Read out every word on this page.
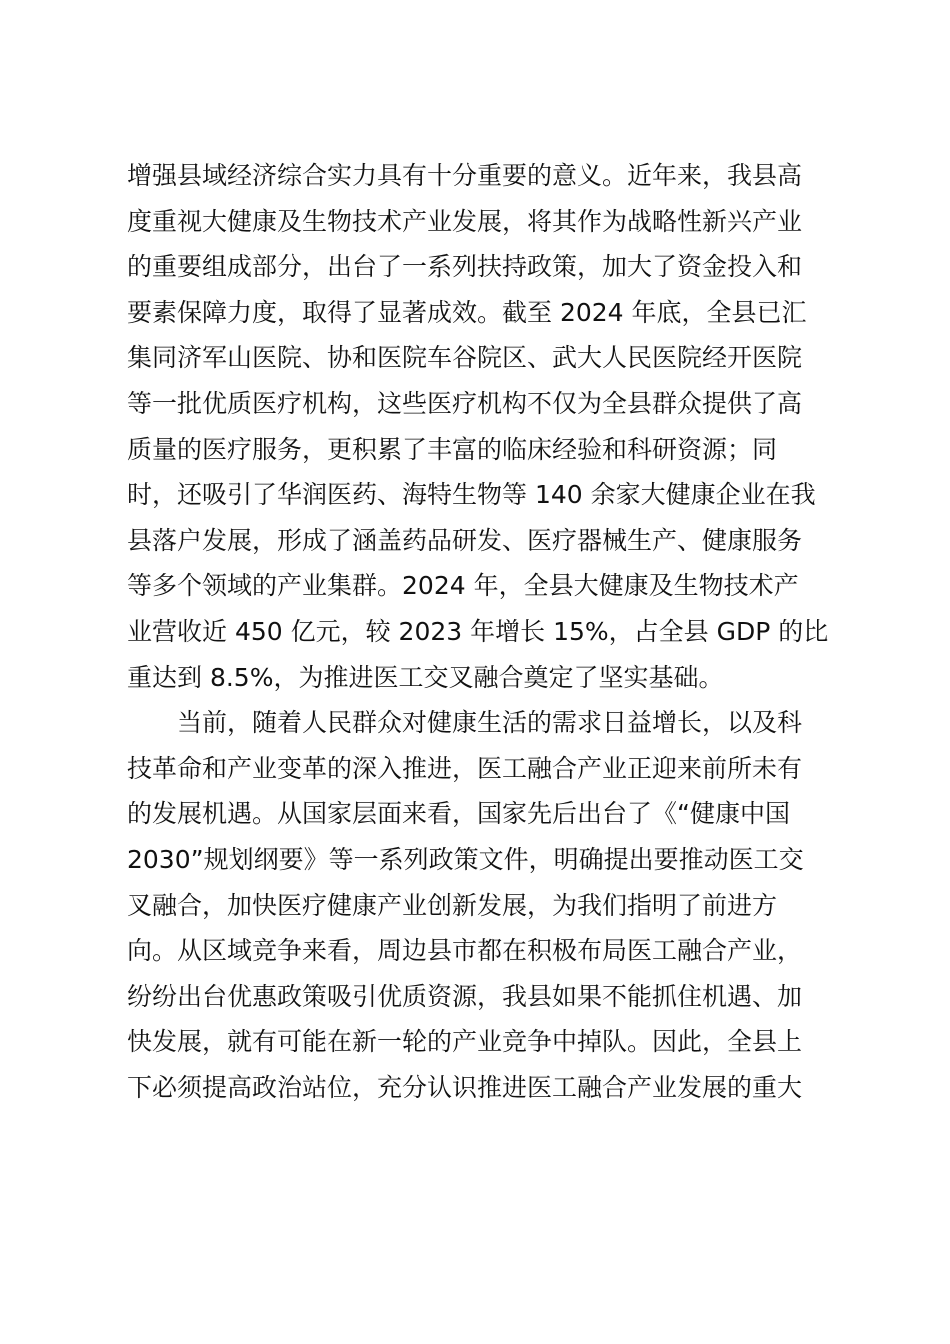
增强县域经济综合实力具有十分重要的意义。近年来，我县高
度重视大健康及生物技术产业发展，将其作为战略性新兴产业
的重要组成部分，出台了一系列扶持政策，加大了资金投入和
要素保障力度，取得了显著成效。截至 2024 年底，全县已汇
集同济军山医院、协和医院车谷院区、武大人民医院经开医院
等一批优质医疗机构，这些医疗机构不仅为全县群众提供了高
质量的医疗服务，更积累了丰富的临床经验和科研资源；同
时，还吸引了华润医药、海特生物等 140 余家大健康企业在我
县落户发展，形成了涵盖药品研发、医疗器械生产、健康服务
等多个领域的产业集群。2024 年，全县大健康及生物技术产
业营收近 450 亿元，较 2023 年增长 15%，占全县 GDP 的比
重达到 8.5%，为推进医工交叉融合奠定了坚实基础。
当前，随着人民群众对健康生活的需求日益增长，以及科
技革命和产业变革的深入推进，医工融合产业正迎来前所未有
的发展机遇。从国家层面来看，国家先后出台了《“健康中国
2030”规划纲要》等一系列政策文件，明确提出要推动医工交
叉融合，加快医疗健康产业创新发展，为我们指明了前进方
向。从区域竞争来看，周边县市都在积极布局医工融合产业，
纷纷出台优惠政策吸引优质资源，我县如果不能抓住机遇、加
快发展，就有可能在新一轮的产业竞争中掉队。因此，全县上
下必须提高政治站位，充分认识推进医工融合产业发展的重大
